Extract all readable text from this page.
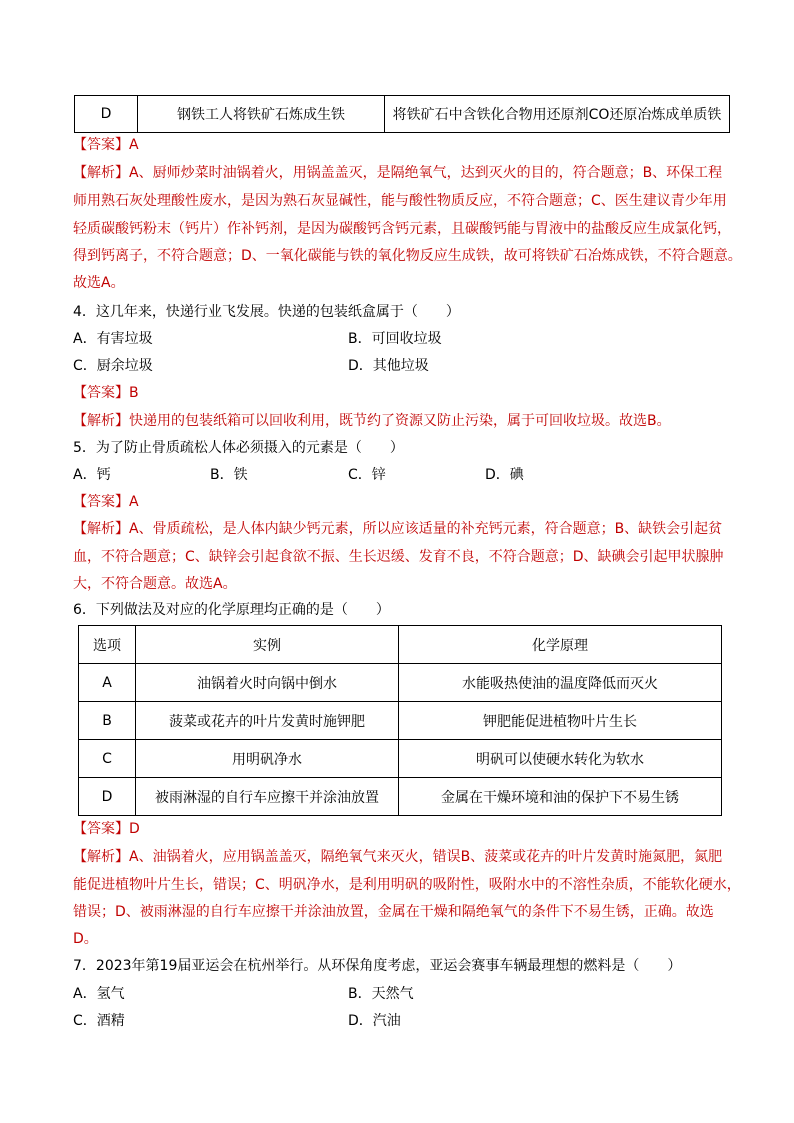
D	钢铁工人将铁矿石炼成生铁	将铁矿石中含铁化合物用还原剂CO还原冶炼成单质铁
【答案】A
【解析】A、厨师炒菜时油锅着火，用锅盖盖灭，是隔绝氧气，达到灭火的目的，符合题意；B、环保工程
师用熟石灰处理酸性废水，是因为熟石灰显碱性，能与酸性物质反应，不符合题意；C、医生建议青少年用
轻质碳酸钙粉末（钙片）作补钙剂，是因为碳酸钙含钙元素，且碳酸钙能与胃液中的盐酸反应生成氯化钙，
得到钙离子，不符合题意；D、一氧化碳能与铁的氧化物反应生成铁，故可将铁矿石冶炼成铁，不符合题意。
故选A。
4．这几年来，快递行业飞发展。快递的包装纸盒属于（　　）
A．有害垃圾	B．可回收垃圾
C．厨余垃圾	D．其他垃圾
【答案】B
【解析】快递用的包装纸箱可以回收利用，既节约了资源又防止污染，属于可回收垃圾。故选B。
5．为了防止骨质疏松人体必须摄入的元素是（　　）
A．钙	B．铁	C．锌	D．碘
【答案】A
【解析】A、骨质疏松，是人体内缺少钙元素，所以应该适量的补充钙元素，符合题意；B、缺铁会引起贫
血，不符合题意；C、缺锌会引起食欲不振、生长迟缓、发育不良，不符合题意；D、缺碘会引起甲状腺肿
大，不符合题意。故选A。
6．下列做法及对应的化学原理均正确的是（　　）
选项	实例	化学原理
A	油锅着火时向锅中倒水	水能吸热使油的温度降低而灭火
B	菠菜或花卉的叶片发黄时施钾肥	钾肥能促进植物叶片生长
C	用明矾净水	明矾可以使硬水转化为软水
D	被雨淋湿的自行车应擦干并涂油放置	金属在干燥环境和油的保护下不易生锈
【答案】D
【解析】A、油锅着火，应用锅盖盖灭，隔绝氧气来灭火，错误B、菠菜或花卉的叶片发黄时施氮肥，氮肥
能促进植物叶片生长，错误；C、明矾净水，是利用明矾的吸附性，吸附水中的不溶性杂质，不能软化硬水，
错误；D、被雨淋湿的自行车应擦干并涂油放置，金属在干燥和隔绝氧气的条件下不易生锈，正确。故选
D。
7．2023年第19届亚运会在杭州举行。从环保角度考虑，亚运会赛事车辆最理想的燃料是（　　）
A．氢气	B．天然气
C．酒精	D．汽油
